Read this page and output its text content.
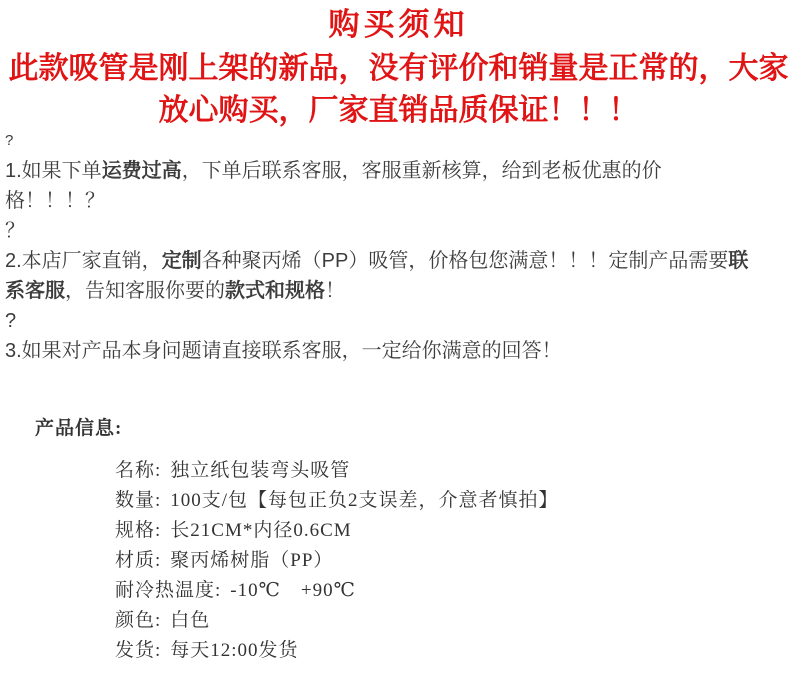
购买须知
此款吸管是刚上架的新品，没有评价和销量是正常的，大家
放心购买，厂家直销品质保证！！！
?
1.如果下单运费过高，下单后联系客服，客服重新核算，给到老板优惠的价
格！！！？
？
2.本店厂家直销，定制各种聚丙烯（PP）吸管，价格包您满意！！！定制产品需要联
系客服，告知客服你要的款式和规格！
?
3.如果对产品本身问题请直接联系客服，一定给你满意的回答！
产品信息:
名称: 独立纸包装弯头吸管
数量: 100支/包【每包正负2支误差，介意者慎拍】
规格: 长21CM*内径0.6CM
材质: 聚丙烯树脂（PP）
耐冷热温度: -10℃　+90℃
颜色: 白色
发货: 每天12:00发货
